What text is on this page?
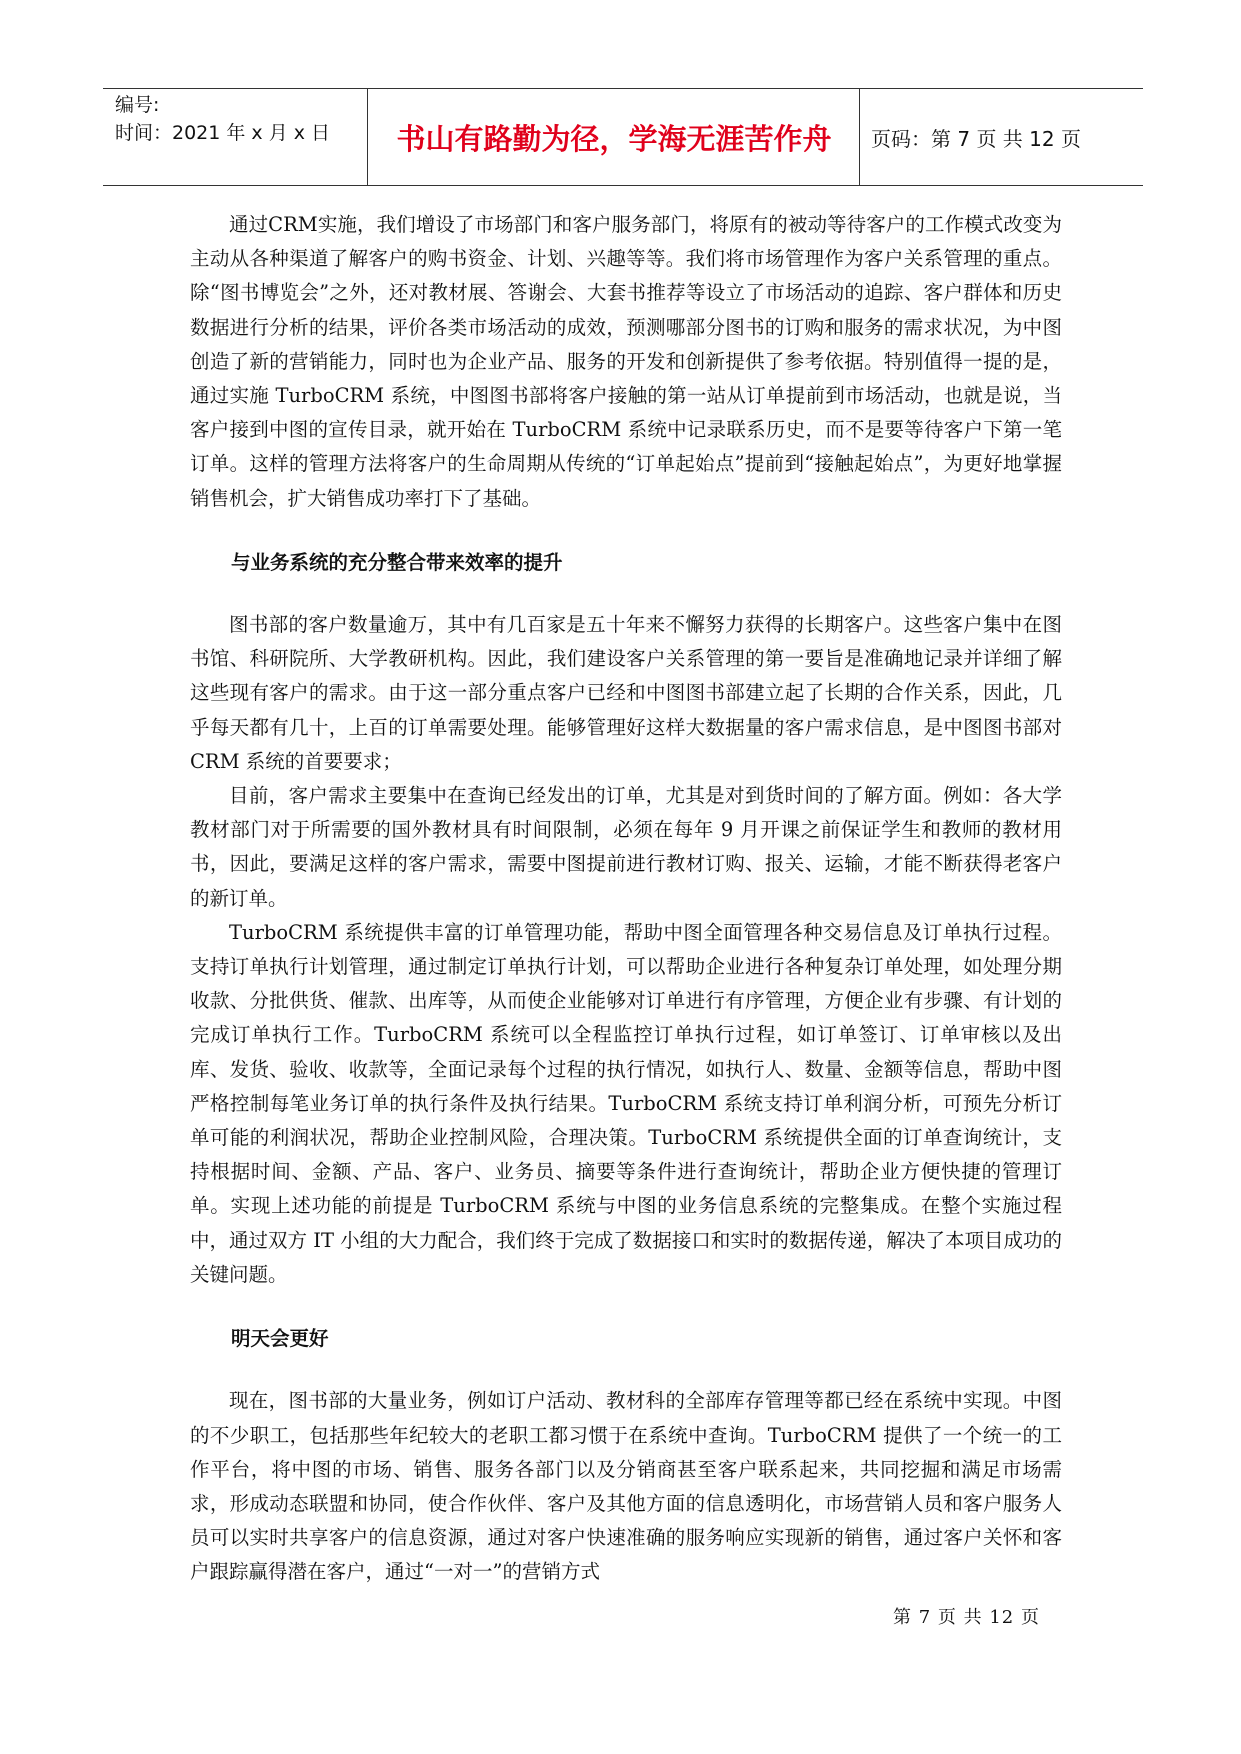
编号:
时间：2021 年 x 月 x 日	书山有路勤为径，学海无涯苦作舟	页码：第 7 页 共 12 页

通过CRM实施，我们增设了市场部门和客户服务部门，将原有的被动等待客户的工作模式改变为主动从各种渠道了解客户的购书资金、计划、兴趣等等。我们将市场管理作为客户关系管理的重点。除“图书博览会”之外，还对教材展、答谢会、大套书推荐等设立了市场活动的追踪、客户群体和历史数据进行分析的结果，评价各类市场活动的成效，预测哪部分图书的订购和服务的需求状况，为中图创造了新的营销能力，同时也为企业产品、服务的开发和创新提供了参考依据。特别值得一提的是，通过实施 TurboCRM 系统，中图图书部将客户接触的第一站从订单提前到市场活动，也就是说，当客户接到中图的宣传目录，就开始在 TurboCRM 系统中记录联系历史，而不是要等待客户下第一笔订单。这样的管理方法将客户的生命周期从传统的“订单起始点”提前到“接触起始点”，为更好地掌握销售机会，扩大销售成功率打下了基础。

与业务系统的充分整合带来效率的提升

图书部的客户数量逾万，其中有几百家是五十年来不懈努力获得的长期客户。这些客户集中在图书馆、科研院所、大学教研机构。因此，我们建设客户关系管理的第一要旨是准确地记录并详细了解这些现有客户的需求。由于这一部分重点客户已经和中图图书部建立起了长期的合作关系，因此，几乎每天都有几十，上百的订单需要处理。能够管理好这样大数据量的客户需求信息，是中图图书部对 CRM 系统的首要要求；

目前，客户需求主要集中在查询已经发出的订单，尤其是对到货时间的了解方面。例如：各大学教材部门对于所需要的国外教材具有时间限制，必须在每年 9 月开课之前保证学生和教师的教材用书，因此，要满足这样的客户需求，需要中图提前进行教材订购、报关、运输，才能不断获得老客户的新订单。

TurboCRM 系统提供丰富的订单管理功能，帮助中图全面管理各种交易信息及订单执行过程。支持订单执行计划管理，通过制定订单执行计划，可以帮助企业进行各种复杂订单处理，如处理分期收款、分批供货、催款、出库等，从而使企业能够对订单进行有序管理，方便企业有步骤、有计划的完成订单执行工作。TurboCRM 系统可以全程监控订单执行过程，如订单签订、订单审核以及出库、发货、验收、收款等，全面记录每个过程的执行情况，如执行人、数量、金额等信息，帮助中图严格控制每笔业务订单的执行条件及执行结果。TurboCRM 系统支持订单利润分析，可预先分析订单可能的利润状况，帮助企业控制风险，合理决策。TurboCRM 系统提供全面的订单查询统计，支持根据时间、金额、产品、客户、业务员、摘要等条件进行查询统计，帮助企业方便快捷的管理订单。实现上述功能的前提是 TurboCRM 系统与中图的业务信息系统的完整集成。在整个实施过程中，通过双方 IT 小组的大力配合，我们终于完成了数据接口和实时的数据传递，解决了本项目成功的关键问题。

明天会更好

现在，图书部的大量业务，例如订户活动、教材科的全部库存管理等都已经在系统中实现。中图的不少职工，包括那些年纪较大的老职工都习惯于在系统中查询。TurboCRM 提供了一个统一的工作平台，将中图的市场、销售、服务各部门以及分销商甚至客户联系起来，共同挖掘和满足市场需求，形成动态联盟和协同，使合作伙伴、客户及其他方面的信息透明化，市场营销人员和客户服务人员可以实时共享客户的信息资源，通过对客户快速准确的服务响应实现新的销售，通过客户关怀和客户跟踪赢得潜在客户，通过“一对一”的营销方式

第 7 页 共 12 页
